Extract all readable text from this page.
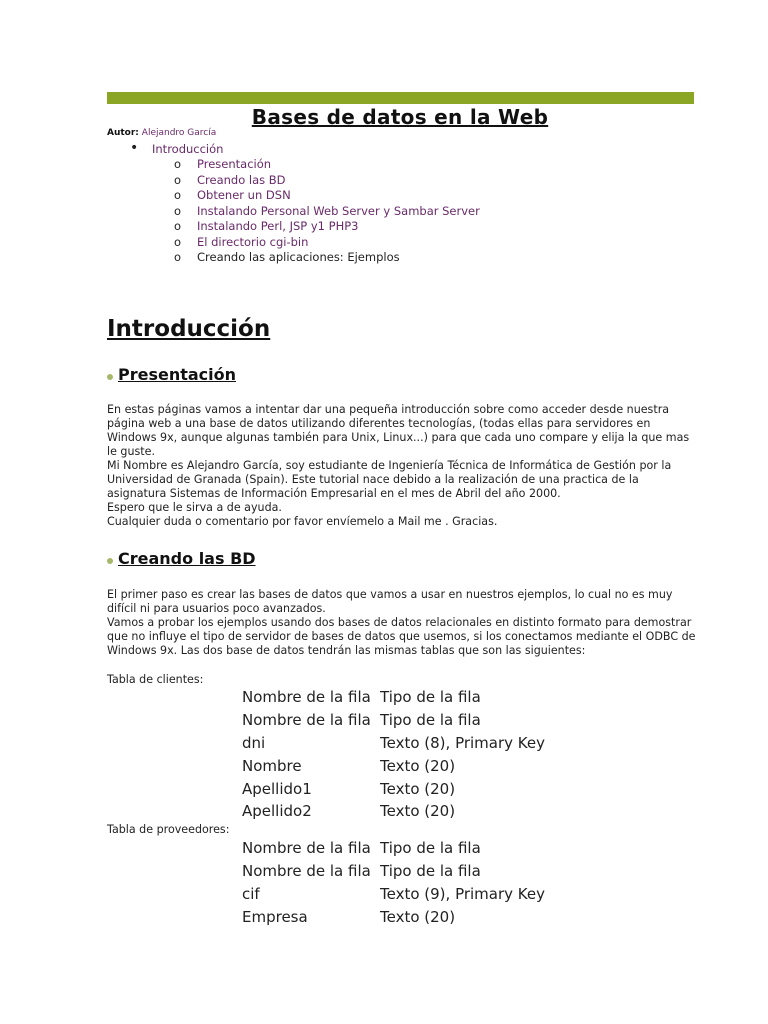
Bases de datos en la Web
Autor: Alejandro García
• Introducción
o Presentación
o Creando las BD
o Obtener un DSN
o Instalando Personal Web Server y Sambar Server
o Instalando Perl, JSP y1 PHP3
o El directorio cgi-bin
o Creando las aplicaciones: Ejemplos
Introducción
Presentación

En estas páginas vamos a intentar dar una pequeña introducción sobre como acceder desde nuestra página web a una base de datos utilizando diferentes tecnologías, (todas ellas para servidores en Windows 9x, aunque algunas también para Unix, Linux...) para que cada uno compare y elija la que mas le guste.

Mi Nombre es Alejandro García, soy estudiante de Ingeniería Técnica de Informática de Gestión por la Universidad de Granada (Spain). Este tutorial nace debido a la realización de una practica de la asignatura Sistemas de Información Empresarial en el mes de Abril del año 2000.

Espero que le sirva a de ayuda.

Cualquier duda o comentario por favor envíemelo a Mail me . Gracias.

Creando las BD

El primer paso es crear las bases de datos que vamos a usar en nuestros ejemplos, lo cual no es muy difícil ni para usuarios poco avanzados.

Vamos a probar los ejemplos usando dos bases de datos relacionales en distinto formato para demostrar que no influye el tipo de servidor de bases de datos que usemos, si los conectamos mediante el ODBC de Windows 9x. Las dos base de datos tendrán las mismas tablas que son las siguientes:

Tabla de clientes:
Nombre de la fila	Tipo de la fila
Nombre de la fila	Tipo de la fila
dni	Texto (8), Primary Key
Nombre	Texto (20)
Apellido1	Texto (20)
Apellido2	Texto (20)
Tabla de proveedores:
Nombre de la fila	Tipo de la fila
Nombre de la fila	Tipo de la fila
cif	Texto (9), Primary Key
Empresa	Texto (20)
